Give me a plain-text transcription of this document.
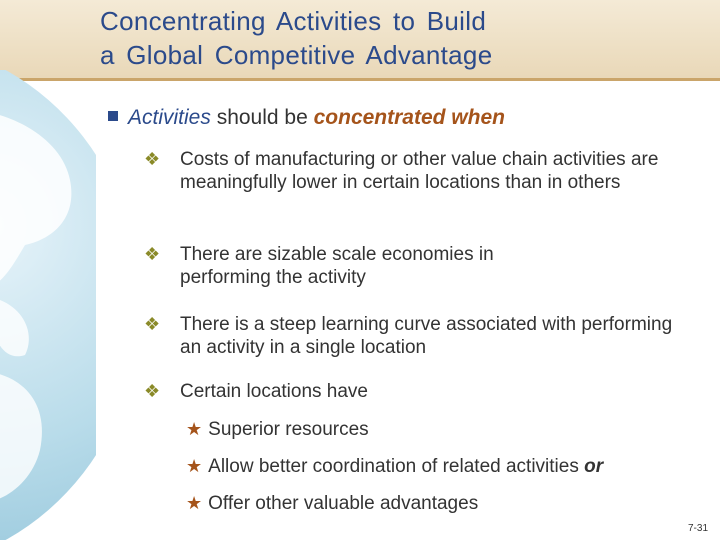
Concentrating Activities to Build
a Global Competitive Advantage
Activities should be concentrated when
❖	Costs of manufacturing or other value chain activities are meaningfully lower in certain locations than in others
❖	There are sizable scale economies in performing the activity
❖	There is a steep learning curve associated with performing an activity in a single location
❖	Certain locations have
★ Superior resources
★ Allow better coordination of related activities or
★ Offer other valuable advantages
7-31
